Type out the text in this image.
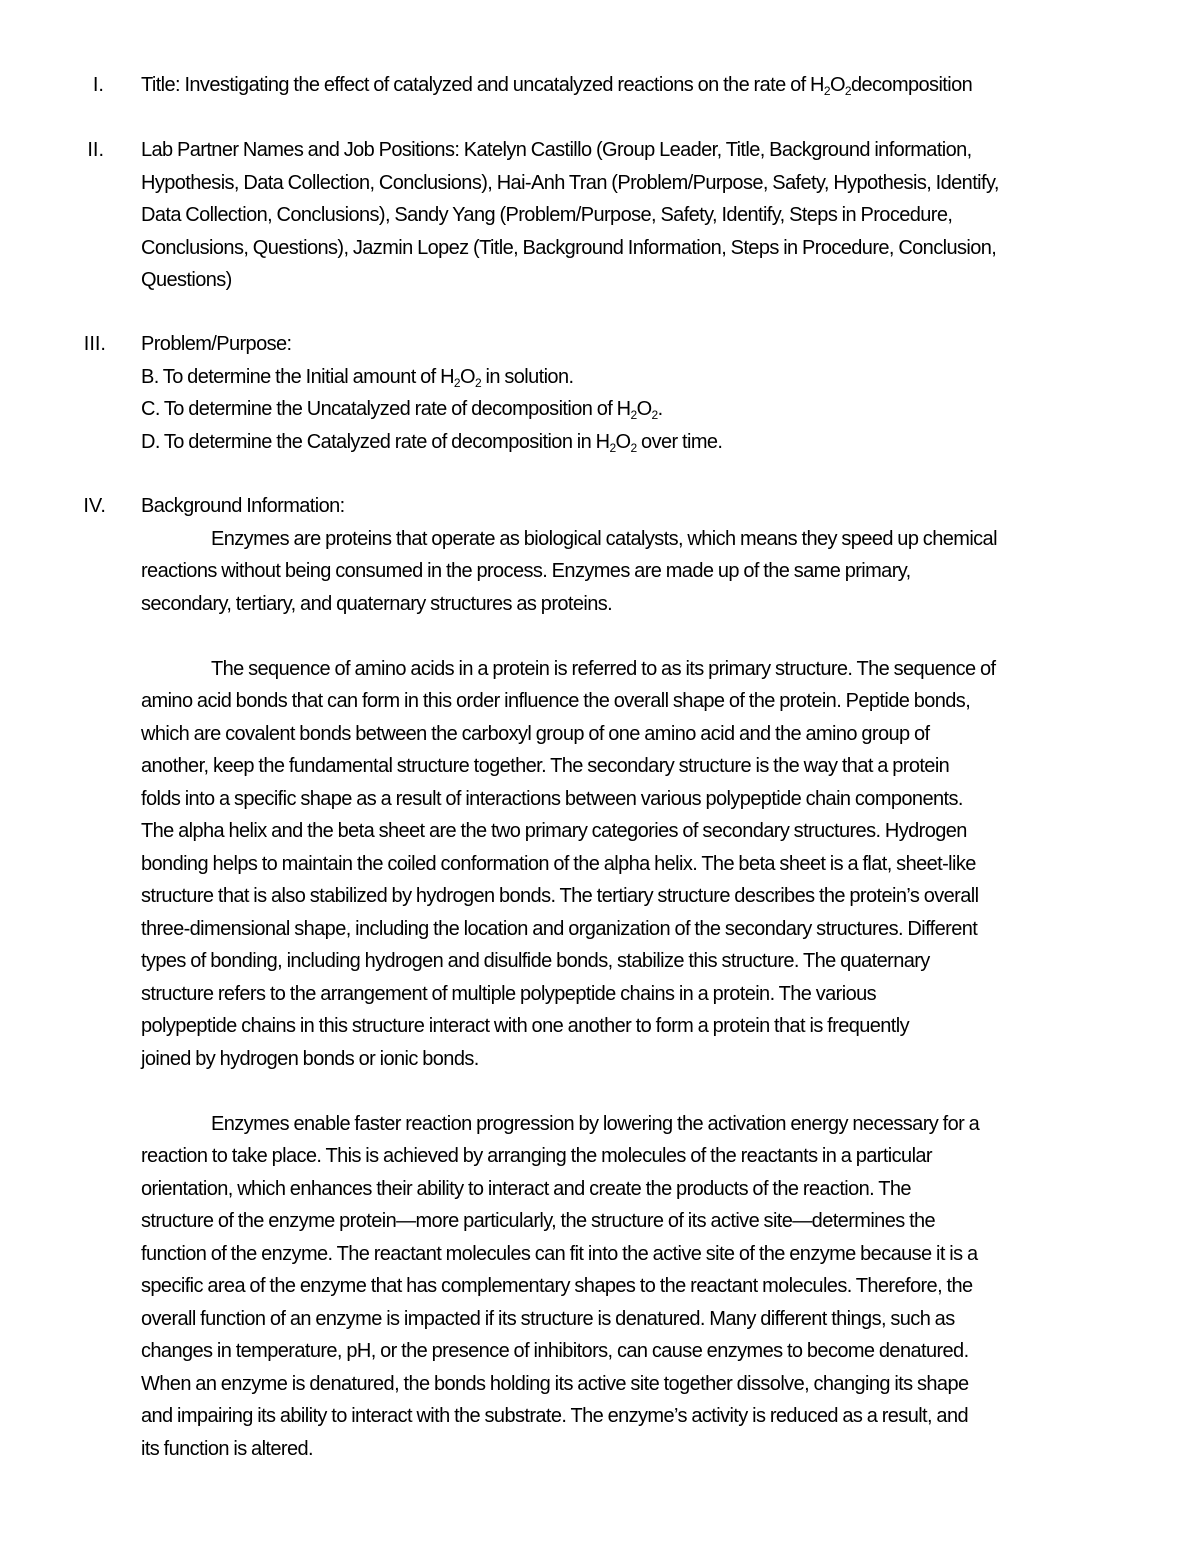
I. Title: Investigating the effect of catalyzed and uncatalyzed reactions on the rate of $H_2O_2decomposition$
II. Lab Partner Names and Job Positions: Katelyn Castillo (Group Leader, Title, Background information,
Hypothesis, Data Collection, Conclusions), Hai-Anh Tran (Problem/Purpose, Safety, Hypothesis, Identify,
Data Collection, Conclusions), Sandy Yang (Problem/Purpose, Safety, Identify, Steps in Procedure,
Conclusions, Questions), Jazmin Lopez (Title, Background Information, Steps in Procedure, Conclusion,
Questions)
III. Problem/Purpose:
B. To determine the Initial amount of $H_2O_2$ in solution.
C. To determine the Uncatalyzed rate of decomposition of $H_2O_2$.
D. To determine the Catalyzed rate of decomposition in $H_2O_2$ over time.
IV. Background Information:
Enzymes are proteins that operate as biological catalysts, which means they speed up chemical
reactions without being consumed in the process. Enzymes are made up of the same primary,
secondary, tertiary, and quaternary structures as proteins.
The sequence of amino acids in a protein is referred to as its primary structure. The sequence of
amino acid bonds that can form in this order influence the overall shape of the protein. Peptide bonds,
which are covalent bonds between the carboxyl group of one amino acid and the amino group of
another, keep the fundamental structure together. The secondary structure is the way that a protein
folds into a specific shape as a result of interactions between various polypeptide chain components.
The alpha helix and the beta sheet are the two primary categories of secondary structures. Hydrogen
bonding helps to maintain the coiled conformation of the alpha helix. The beta sheet is a flat, sheet-like
structure that is also stabilized by hydrogen bonds. The tertiary structure describes the protein’s overall
three-dimensional shape, including the location and organization of the secondary structures. Different
types of bonding, including hydrogen and disulfide bonds, stabilize this structure. The quaternary
structure refers to the arrangement of multiple polypeptide chains in a protein. The various
polypeptide chains in this structure interact with one another to form a protein that is frequently
joined by hydrogen bonds or ionic bonds.
Enzymes enable faster reaction progression by lowering the activation energy necessary for a
reaction to take place. This is achieved by arranging the molecules of the reactants in a particular
orientation, which enhances their ability to interact and create the products of the reaction. The
structure of the enzyme protein—more particularly, the structure of its active site—determines the
function of the enzyme. The reactant molecules can fit into the active site of the enzyme because it is a
specific area of the enzyme that has complementary shapes to the reactant molecules. Therefore, the
overall function of an enzyme is impacted if its structure is denatured. Many different things, such as
changes in temperature, pH, or the presence of inhibitors, can cause enzymes to become denatured.
When an enzyme is denatured, the bonds holding its active site together dissolve, changing its shape
and impairing its ability to interact with the substrate. The enzyme’s activity is reduced as a result, and
its function is altered.
